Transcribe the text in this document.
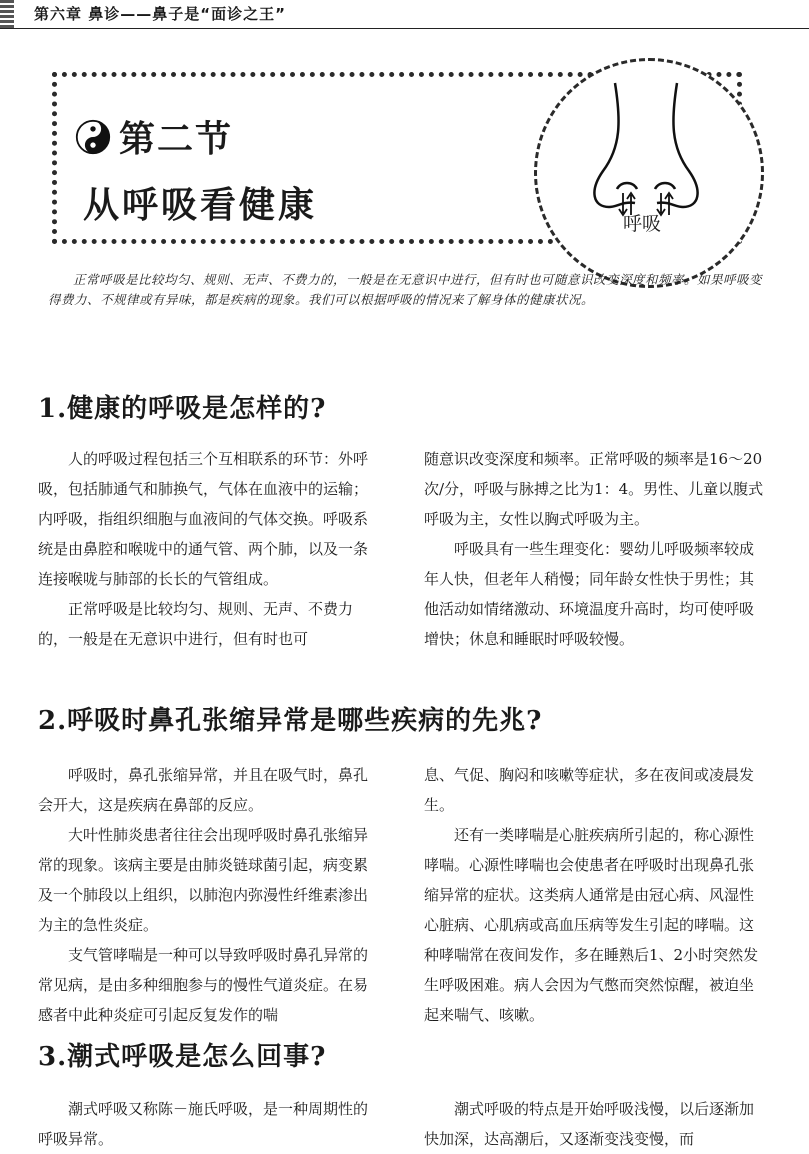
第六章 鼻诊——鼻子是“面诊之王”
第二节
从呼吸看健康	呼吸
正常呼吸是比较均匀、规则、无声、不费力的，一般是在无意识中进行，但有时也可随意识改变深度和频率。如果呼吸变得费力、不规律或有异味，都是疾病的现象。我们可以根据呼吸的情况来了解身体的健康状况。
1.健康的呼吸是怎样的?

人的呼吸过程包括三个互相联系的环节：外呼吸，包括肺通气和肺换气，气体在血液中的运输；内呼吸，指组织细胞与血液间的气体交换。呼吸系统是由鼻腔和喉咙中的通气管、两个肺，以及一条连接喉咙与肺部的长长的气管组成。

正常呼吸是比较均匀、规则、无声、不费力的，一般是在无意识中进行，但有时也可

随意识改变深度和频率。正常呼吸的频率是16～20次/分，呼吸与脉搏之比为1：4。男性、儿童以腹式呼吸为主，女性以胸式呼吸为主。

呼吸具有一些生理变化：婴幼儿呼吸频率较成年人快，但老年人稍慢；同年龄女性快于男性；其他活动如情绪激动、环境温度升高时，均可使呼吸增快；休息和睡眠时呼吸较慢。

2.呼吸时鼻孔张缩异常是哪些疾病的先兆?

呼吸时，鼻孔张缩异常，并且在吸气时，鼻孔会开大，这是疾病在鼻部的反应。

大叶性肺炎患者往往会出现呼吸时鼻孔张缩异常的现象。该病主要是由肺炎链球菌引起，病变累及一个肺段以上组织，以肺泡内弥漫性纤维素渗出为主的急性炎症。

支气管哮喘是一种可以导致呼吸时鼻孔异常的常见病，是由多种细胞参与的慢性气道炎症。在易感者中此种炎症可引起反复发作的喘

息、气促、胸闷和咳嗽等症状，多在夜间或凌晨发生。

还有一类哮喘是心脏疾病所引起的，称心源性哮喘。心源性哮喘也会使患者在呼吸时出现鼻孔张缩异常的症状。这类病人通常是由冠心病、风湿性心脏病、心肌病或高血压病等发生引起的哮喘。这种哮喘常在夜间发作，多在睡熟后1、2小时突然发生呼吸困难。病人会因为气憋而突然惊醒，被迫坐起来喘气、咳嗽。

3.潮式呼吸是怎么回事?

潮式呼吸又称陈－施氏呼吸，是一种周期性的呼吸异常。

潮式呼吸的特点是开始呼吸浅慢，以后逐渐加快加深，达高潮后，又逐渐变浅变慢，而
